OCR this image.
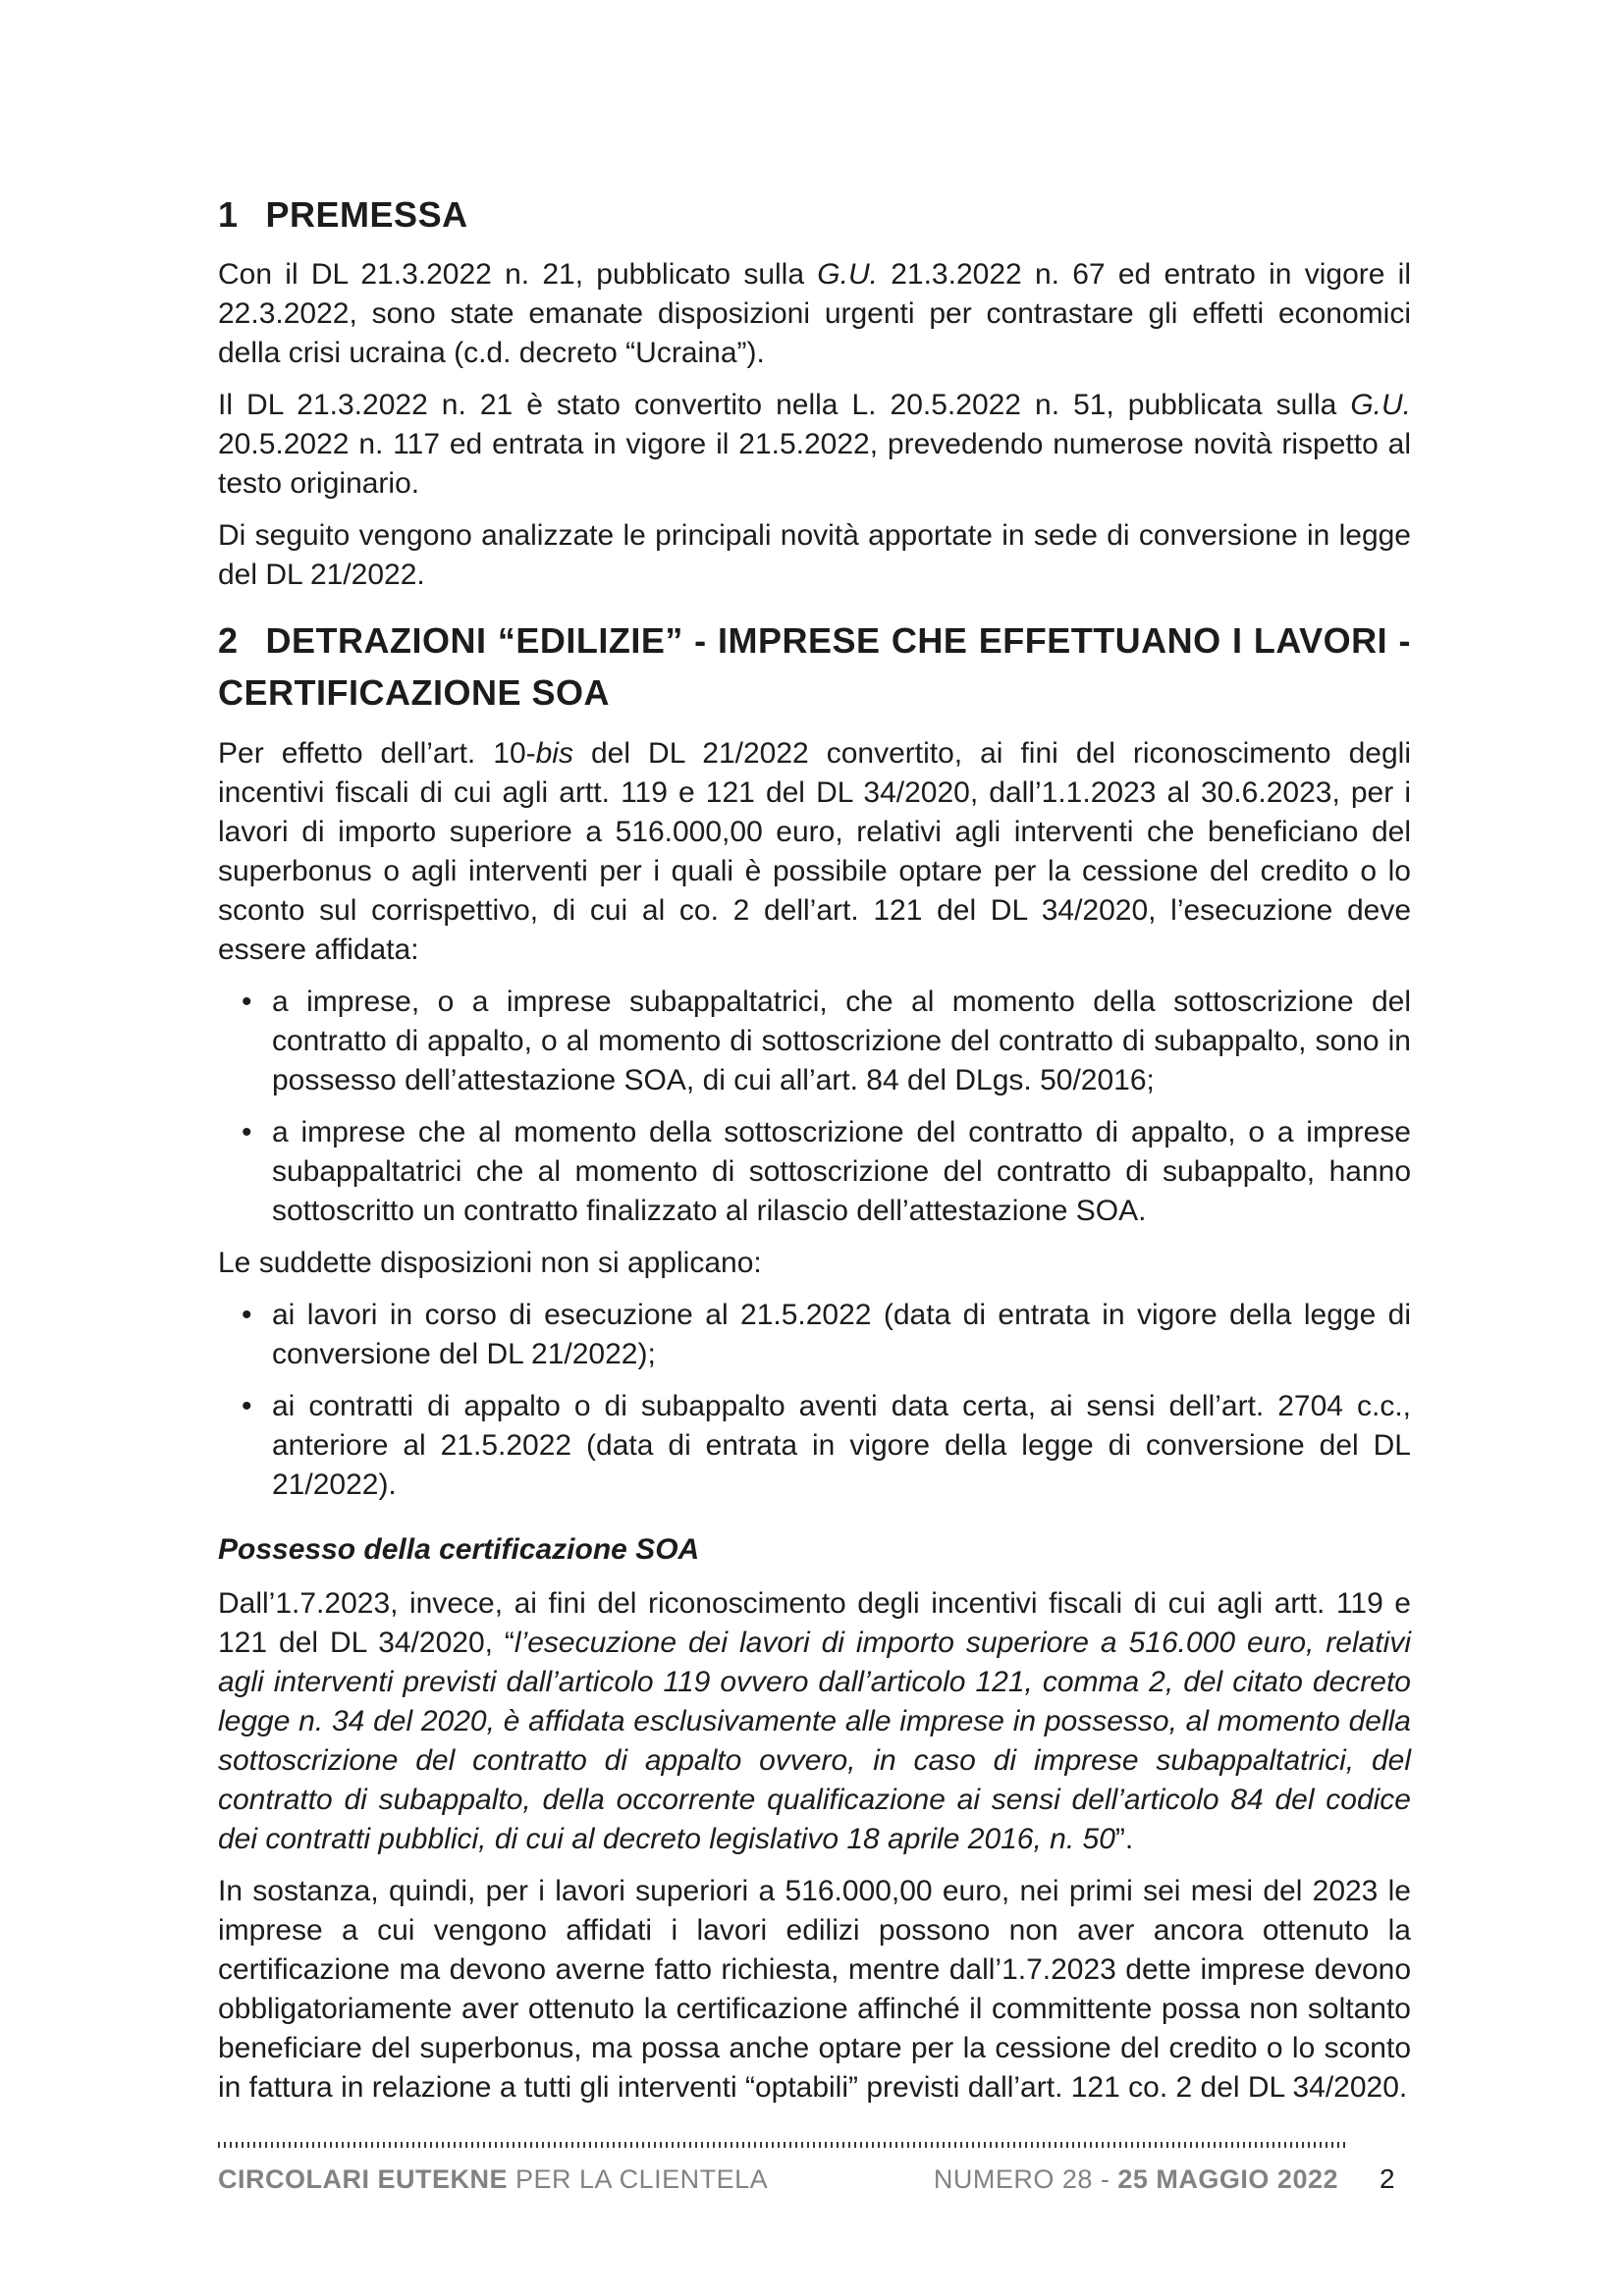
1 PREMESSA

Con il DL 21.3.2022 n. 21, pubblicato sulla G.U. 21.3.2022 n. 67 ed entrato in vigore il 22.3.2022, sono state emanate disposizioni urgenti per contrastare gli effetti economici della crisi ucraina (c.d. decreto “Ucraina”).

Il DL 21.3.2022 n. 21 è stato convertito nella L. 20.5.2022 n. 51, pubblicata sulla G.U. 20.5.2022 n. 117 ed entrata in vigore il 21.5.2022, prevedendo numerose novità rispetto al testo originario.

Di seguito vengono analizzate le principali novità apportate in sede di conversione in legge del DL 21/2022.

2 DETRAZIONI “EDILIZIE” - IMPRESE CHE EFFETTUANO I LAVORI - CERTIFICAZIONE SOA

Per effetto dell’art. 10-bis del DL 21/2022 convertito, ai fini del riconoscimento degli incentivi fiscali di cui agli artt. 119 e 121 del DL 34/2020, dall’1.1.2023 al 30.6.2023, per i lavori di importo superiore a 516.000,00 euro, relativi agli interventi che beneficiano del superbonus o agli interventi per i quali è possibile optare per la cessione del credito o lo sconto sul corrispettivo, di cui al co. 2 dell’art. 121 del DL 34/2020, l’esecuzione deve essere affidata:

• a imprese, o a imprese subappaltatrici, che al momento della sottoscrizione del contratto di appalto, o al momento di sottoscrizione del contratto di subappalto, sono in possesso dell’attestazione SOA, di cui all’art. 84 del DLgs. 50/2016;
• a imprese che al momento della sottoscrizione del contratto di appalto, o a imprese subappaltatrici che al momento di sottoscrizione del contratto di subappalto, hanno sottoscritto un contratto finalizzato al rilascio dell’attestazione SOA.

Le suddette disposizioni non si applicano:

• ai lavori in corso di esecuzione al 21.5.2022 (data di entrata in vigore della legge di conversione del DL 21/2022);
• ai contratti di appalto o di subappalto aventi data certa, ai sensi dell’art. 2704 c.c., anteriore al 21.5.2022 (data di entrata in vigore della legge di conversione del DL 21/2022).

Possesso della certificazione SOA

Dall’1.7.2023, invece, ai fini del riconoscimento degli incentivi fiscali di cui agli artt. 119 e 121 del DL 34/2020, “l’esecuzione dei lavori di importo superiore a 516.000 euro, relativi agli interventi previsti dall’articolo 119 ovvero dall’articolo 121, comma 2, del citato decreto legge n. 34 del 2020, è affidata esclusivamente alle imprese in possesso, al momento della sottoscrizione del contratto di appalto ovvero, in caso di imprese subappaltatrici, del contratto di subappalto, della occorrente qualificazione ai sensi dell’articolo 84 del codice dei contratti pubblici, di cui al decreto legislativo 18 aprile 2016, n. 50”.

In sostanza, quindi, per i lavori superiori a 516.000,00 euro, nei primi sei mesi del 2023 le imprese a cui vengono affidati i lavori edilizi possono non aver ancora ottenuto la certificazione ma devono averne fatto richiesta, mentre dall’1.7.2023 dette imprese devono obbligatoriamente aver ottenuto la certificazione affinché il committente possa non soltanto beneficiare del superbonus, ma possa anche optare per la cessione del credito o lo sconto in fattura in relazione a tutti gli interventi “optabili” previsti dall’art. 121 co. 2 del DL 34/2020.

CIRCOLARI EUTEKNE PER LA CLIENTELA	NUMERO 28 - 25 MAGGIO 2022	2
